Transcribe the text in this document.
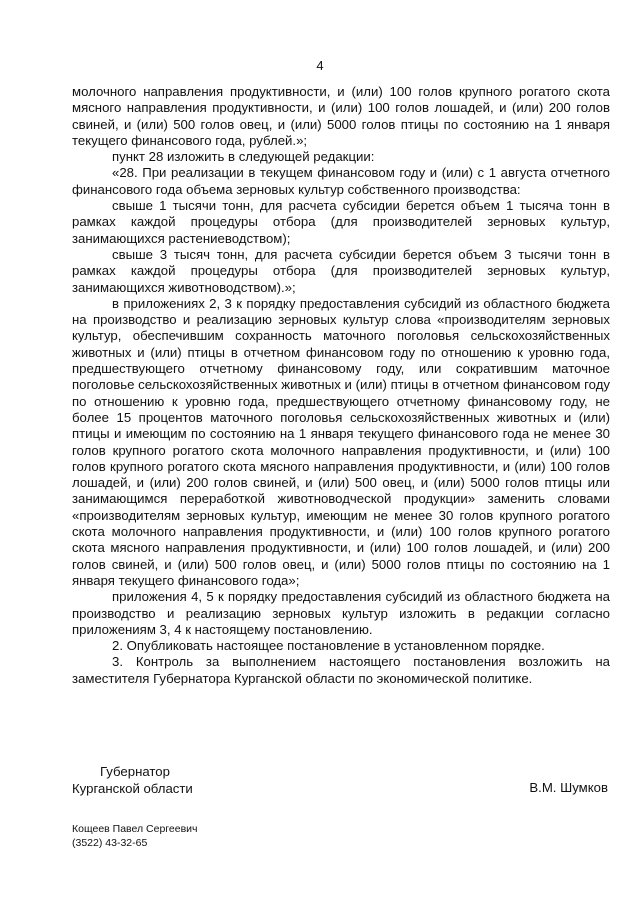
4

молочного направления продуктивности, и (или) 100 голов крупного рогатого скота мясного направления продуктивности, и (или) 100 голов лошадей, и (или) 200 голов свиней, и (или) 500 голов овец, и (или) 5000 голов птицы по состоянию на 1 января текущего финансового года, рублей.»;

пункт 28 изложить в следующей редакции:

«28. При реализации в текущем финансовом году и (или) с 1 августа отчетного финансового года объема зерновых культур собственного производства:

свыше 1 тысячи тонн, для расчета субсидии берется объем 1 тысяча тонн в рамках каждой процедуры отбора (для производителей зерновых культур, занимающихся растениеводством);

свыше 3 тысяч тонн, для расчета субсидии берется объем 3 тысячи тонн в рамках каждой процедуры отбора (для производителей зерновых культур, занимающихся животноводством).»;

в приложениях 2, 3 к порядку предоставления субсидий из областного бюджета на производство и реализацию зерновых культур слова «производителям зерновых культур, обеспечившим сохранность маточного поголовья сельскохозяйственных животных и (или) птицы в отчетном финансовом году по отношению к уровню года, предшествующего отчетному финансовому году, или сократившим маточное поголовье сельскохозяйственных животных и (или) птицы в отчетном финансовом году по отношению к уровню года, предшествующего отчетному финансовому году, не более 15 процентов маточного поголовья сельскохозяйственных животных и (или) птицы и имеющим по состоянию на 1 января текущего финансового года не менее 30 голов крупного рогатого скота молочного направления продуктивности, и (или) 100 голов крупного рогатого скота мясного направления продуктивности, и (или) 100 голов лошадей, и (или) 200 голов свиней, и (или) 500 овец, и (или) 5000 голов птицы или занимающимся переработкой животноводческой продукции» заменить словами «производителям зерновых культур, имеющим не менее 30 голов крупного рогатого скота молочного направления продуктивности, и (или) 100 голов крупного рогатого скота мясного направления продуктивности, и (или) 100 голов лошадей, и (или) 200 голов свиней, и (или) 500 голов овец, и (или) 5000 голов птицы по состоянию на 1 января текущего финансового года»;

приложения 4, 5 к порядку предоставления субсидий из областного бюджета на производство и реализацию зерновых культур изложить в редакции согласно приложениям 3, 4 к настоящему постановлению.

2. Опубликовать настоящее постановление в установленном порядке.

3. Контроль за выполнением настоящего постановления возложить на заместителя Губернатора Курганской области по экономической политике.

Губернатор
Курганской области	В.М. Шумков
Кощеев Павел Сергеевич
(3522) 43-32-65
